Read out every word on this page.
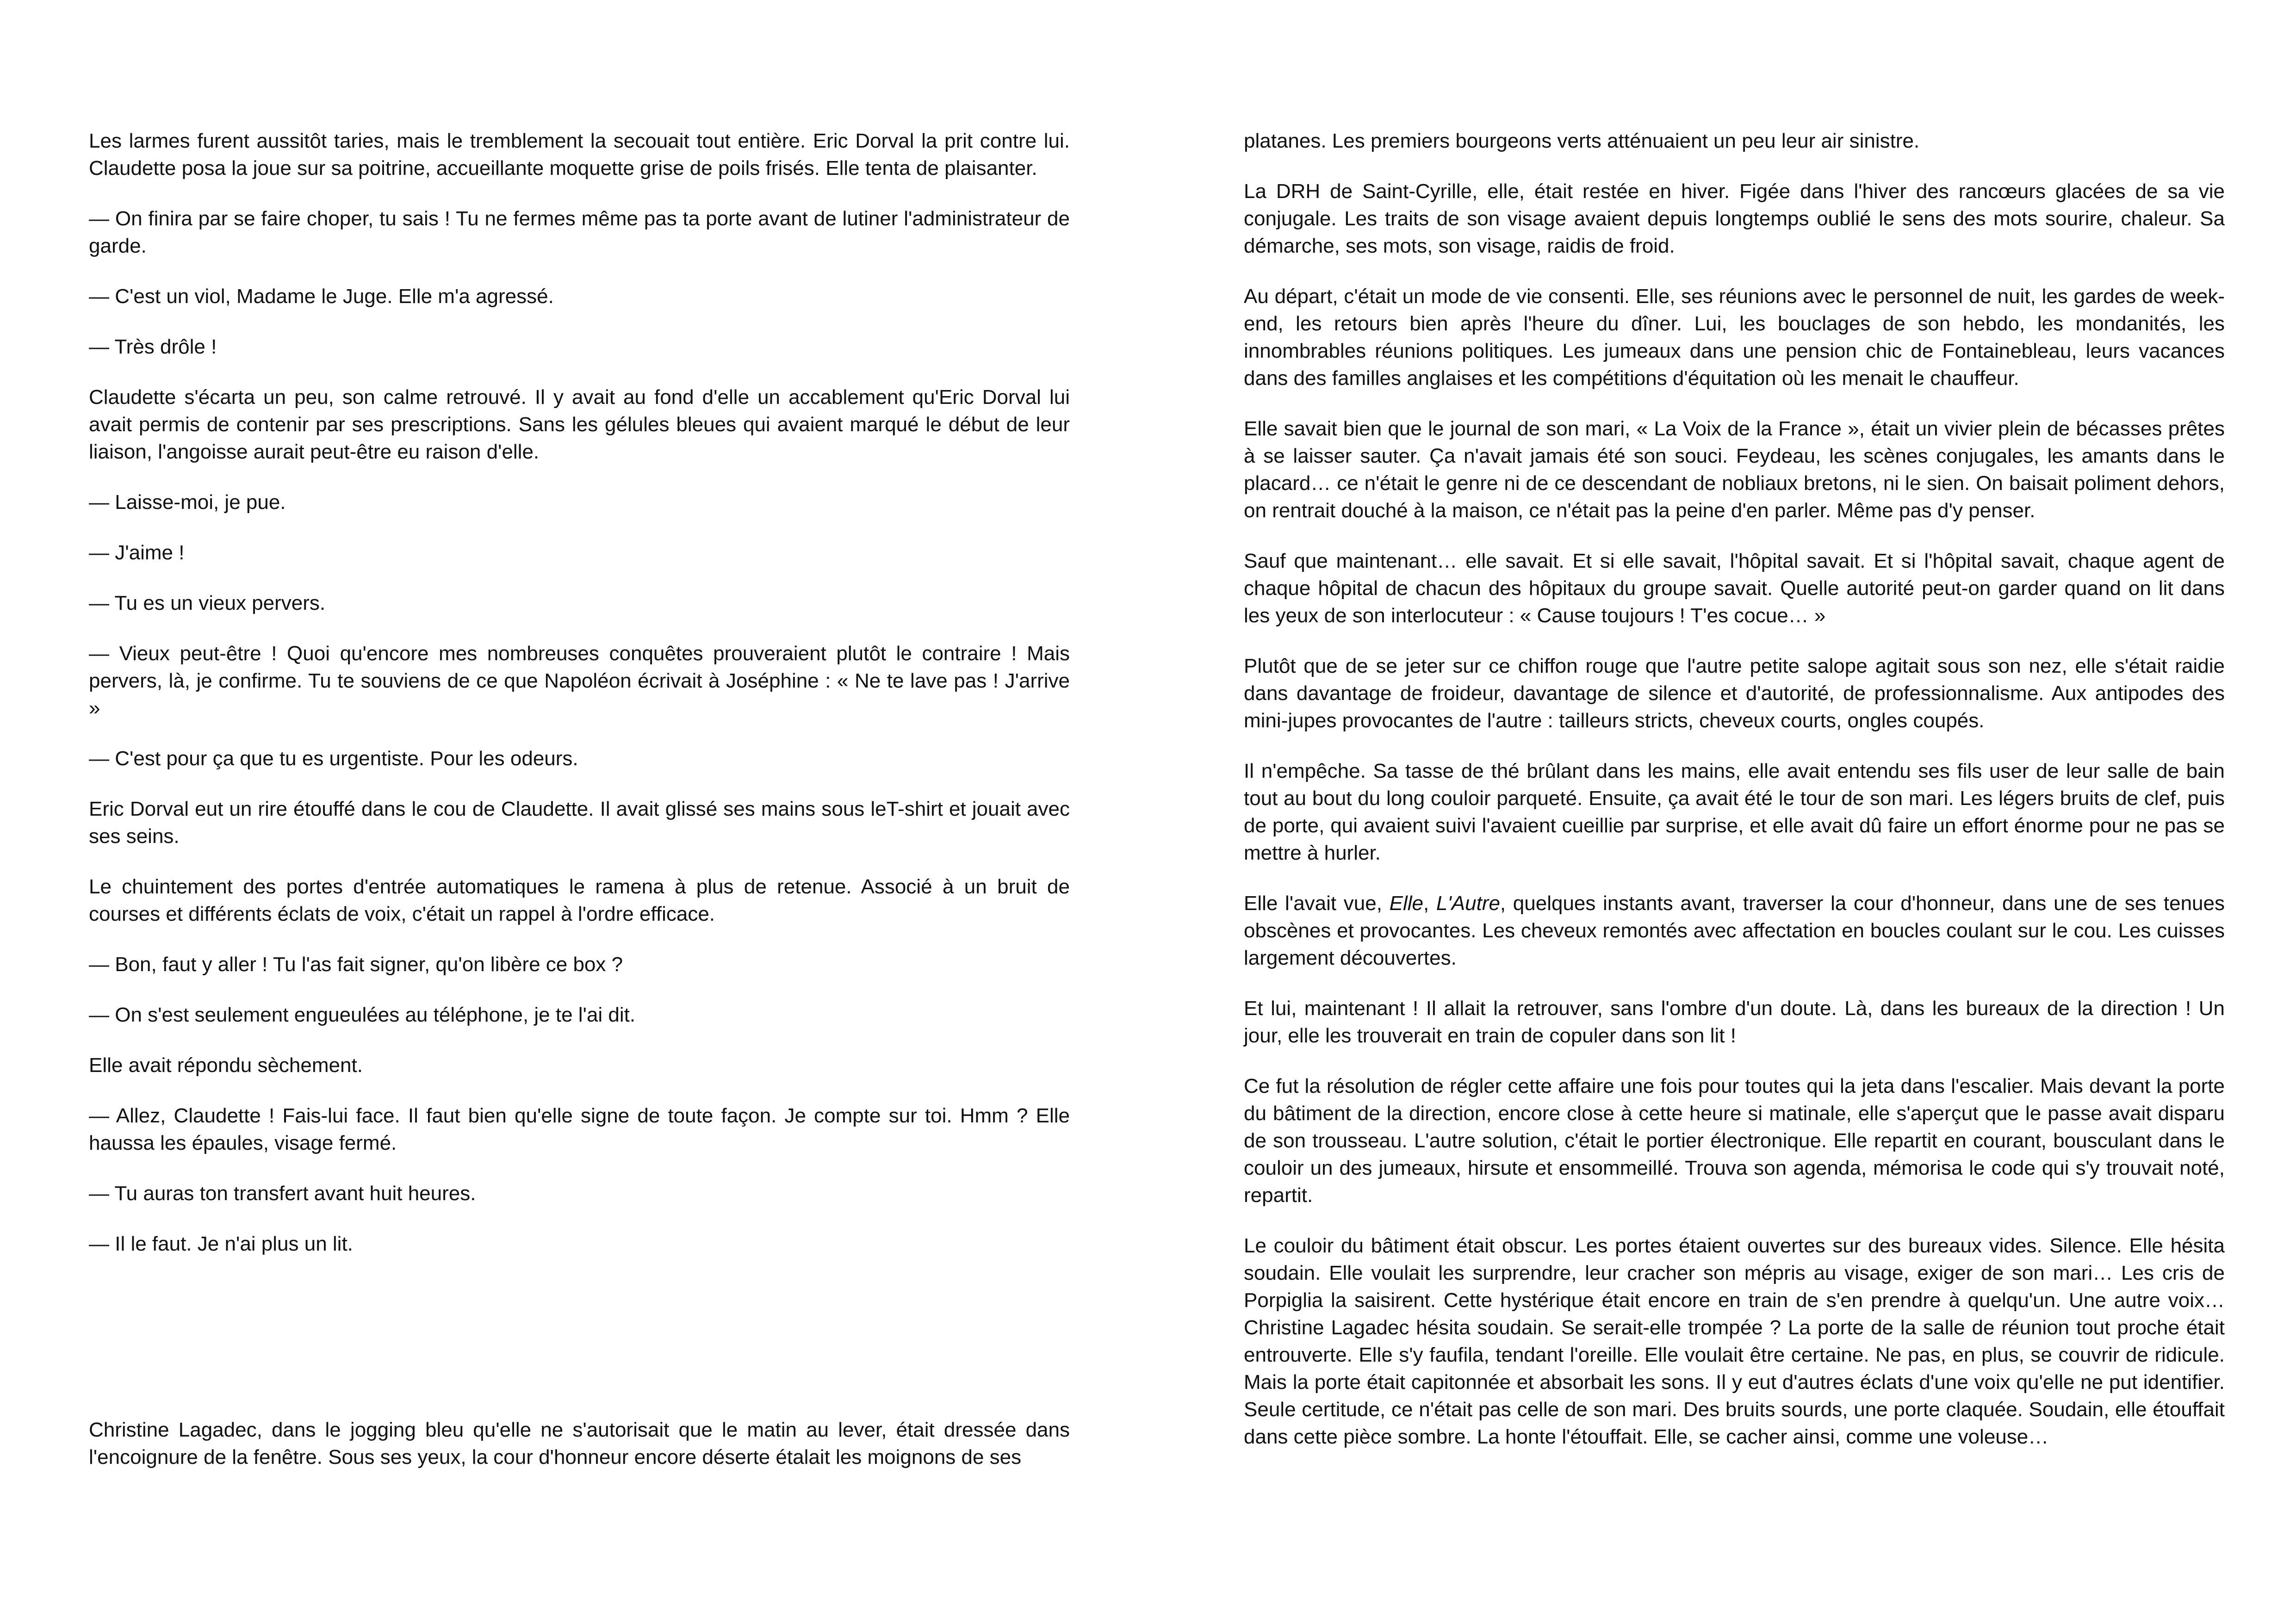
Les larmes furent aussitôt taries, mais le tremblement la secouait tout entière. Eric Dorval la prit contre lui. Claudette posa la joue sur sa poitrine, accueillante moquette grise de poils frisés. Elle tenta de plaisanter.

— On finira par se faire choper, tu sais ! Tu ne fermes même pas ta porte avant de lutiner l'administrateur de garde.

— C'est un viol, Madame le Juge. Elle m'a agressé.

— Très drôle !

Claudette s'écarta un peu, son calme retrouvé. Il y avait au fond d'elle un accablement qu'Eric Dorval lui avait permis de contenir par ses prescriptions. Sans les gélules bleues qui avaient marqué le début de leur liaison, l'angoisse aurait peut-être eu raison d'elle.

— Laisse-moi, je pue.

— J'aime !

— Tu es un vieux pervers.

— Vieux peut-être ! Quoi qu'encore mes nombreuses conquêtes prouveraient plutôt le contraire ! Mais pervers, là, je confirme. Tu te souviens de ce que Napoléon écrivait à Joséphine : « Ne te lave pas ! J'arrive »

— C'est pour ça que tu es urgentiste. Pour les odeurs.

Eric Dorval eut un rire étouffé dans le cou de Claudette. Il avait glissé ses mains sous leT-shirt et jouait avec ses seins.

Le chuintement des portes d'entrée automatiques le ramena à plus de retenue. Associé à un bruit de courses et différents éclats de voix, c'était un rappel à l'ordre efficace.

— Bon, faut y aller ! Tu l'as fait signer, qu'on libère ce box ?

— On s'est seulement engueulées au téléphone, je te l'ai dit.

Elle avait répondu sèchement.

— Allez, Claudette ! Fais-lui face. Il faut bien qu'elle signe de toute façon. Je compte sur toi. Hmm ? Elle haussa les épaules, visage fermé.

— Tu auras ton transfert avant huit heures.

— Il le faut. Je n'ai plus un lit.

Christine Lagadec, dans le jogging bleu qu'elle ne s'autorisait que le matin au lever, était dressée dans l'encoignure de la fenêtre. Sous ses yeux, la cour d'honneur encore déserte étalait les moignons de ses

platanes. Les premiers bourgeons verts atténuaient un peu leur air sinistre.

La DRH de Saint-Cyrille, elle, était restée en hiver. Figée dans l'hiver des rancœurs glacées de sa vie conjugale. Les traits de son visage avaient depuis longtemps oublié le sens des mots sourire, chaleur. Sa démarche, ses mots, son visage, raidis de froid.

Au départ, c'était un mode de vie consenti. Elle, ses réunions avec le personnel de nuit, les gardes de week-end, les retours bien après l'heure du dîner. Lui, les bouclages de son hebdo, les mondanités, les innombrables réunions politiques. Les jumeaux dans une pension chic de Fontainebleau, leurs vacances dans des familles anglaises et les compétitions d'équitation où les menait le chauffeur.

Elle savait bien que le journal de son mari, « La Voix de la France », était un vivier plein de bécasses prêtes à se laisser sauter. Ça n'avait jamais été son souci. Feydeau, les scènes conjugales, les amants dans le placard… ce n'était le genre ni de ce descendant de nobliaux bretons, ni le sien. On baisait poliment dehors, on rentrait douché à la maison, ce n'était pas la peine d'en parler. Même pas d'y penser.

Sauf que maintenant… elle savait. Et si elle savait, l'hôpital savait. Et si l'hôpital savait, chaque agent de chaque hôpital de chacun des hôpitaux du groupe savait. Quelle autorité peut-on garder quand on lit dans les yeux de son interlocuteur : « Cause toujours ! T'es cocue… »

Plutôt que de se jeter sur ce chiffon rouge que l'autre petite salope agitait sous son nez, elle s'était raidie dans davantage de froideur, davantage de silence et d'autorité, de professionnalisme. Aux antipodes des mini-jupes provocantes de l'autre : tailleurs stricts, cheveux courts, ongles coupés.

Il n'empêche. Sa tasse de thé brûlant dans les mains, elle avait entendu ses fils user de leur salle de bain tout au bout du long couloir parqueté. Ensuite, ça avait été le tour de son mari. Les légers bruits de clef, puis de porte, qui avaient suivi l'avaient cueillie par surprise, et elle avait dû faire un effort énorme pour ne pas se mettre à hurler.

Elle l'avait vue, Elle, L'Autre, quelques instants avant, traverser la cour d'honneur, dans une de ses tenues obscènes et provocantes. Les cheveux remontés avec affectation en boucles coulant sur le cou. Les cuisses largement découvertes.

Et lui, maintenant ! Il allait la retrouver, sans l'ombre d'un doute. Là, dans les bureaux de la direction ! Un jour, elle les trouverait en train de copuler dans son lit !

Ce fut la résolution de régler cette affaire une fois pour toutes qui la jeta dans l'escalier. Mais devant la porte du bâtiment de la direction, encore close à cette heure si matinale, elle s'aperçut que le passe avait disparu de son trousseau. L'autre solution, c'était le portier électronique. Elle repartit en courant, bousculant dans le couloir un des jumeaux, hirsute et ensommeillé. Trouva son agenda, mémorisa le code qui s'y trouvait noté, repartit.

Le couloir du bâtiment était obscur. Les portes étaient ouvertes sur des bureaux vides. Silence. Elle hésita soudain. Elle voulait les surprendre, leur cracher son mépris au visage, exiger de son mari… Les cris de Porpiglia la saisirent. Cette hystérique était encore en train de s'en prendre à quelqu'un. Une autre voix… Christine Lagadec hésita soudain. Se serait-elle trompée ? La porte de la salle de réunion tout proche était entrouverte. Elle s'y faufila, tendant l'oreille. Elle voulait être certaine. Ne pas, en plus, se couvrir de ridicule. Mais la porte était capitonnée et absorbait les sons. Il y eut d'autres éclats d'une voix qu'elle ne put identifier. Seule certitude, ce n'était pas celle de son mari. Des bruits sourds, une porte claquée. Soudain, elle étouffait dans cette pièce sombre. La honte l'étouffait. Elle, se cacher ainsi, comme une voleuse…
